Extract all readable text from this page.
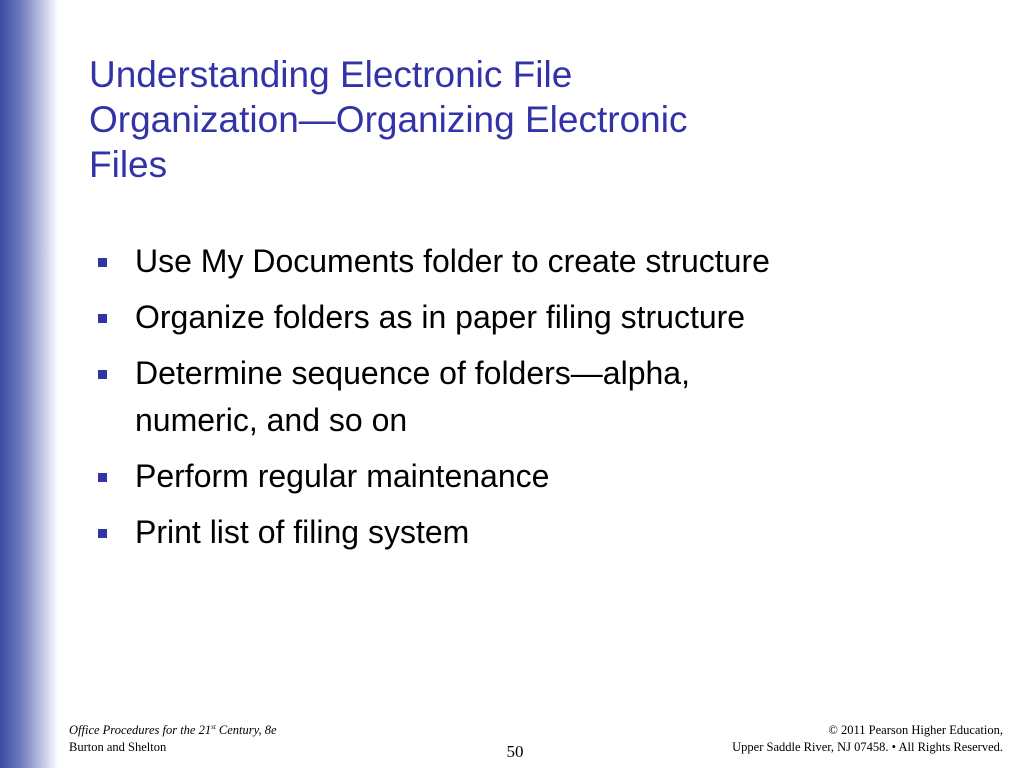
Understanding Electronic File
Organization—Organizing Electronic
Files
Use My Documents folder to create structure
Organize folders as in paper filing structure
Determine sequence of folders—alpha,
numeric, and so on
Perform regular maintenance
Print list of filing system
Office Procedures for the 21st Century, 8e
Burton and Shelton	50
© 2011 Pearson Higher Education,
Upper Saddle River, NJ 07458. • All Rights Reserved.
